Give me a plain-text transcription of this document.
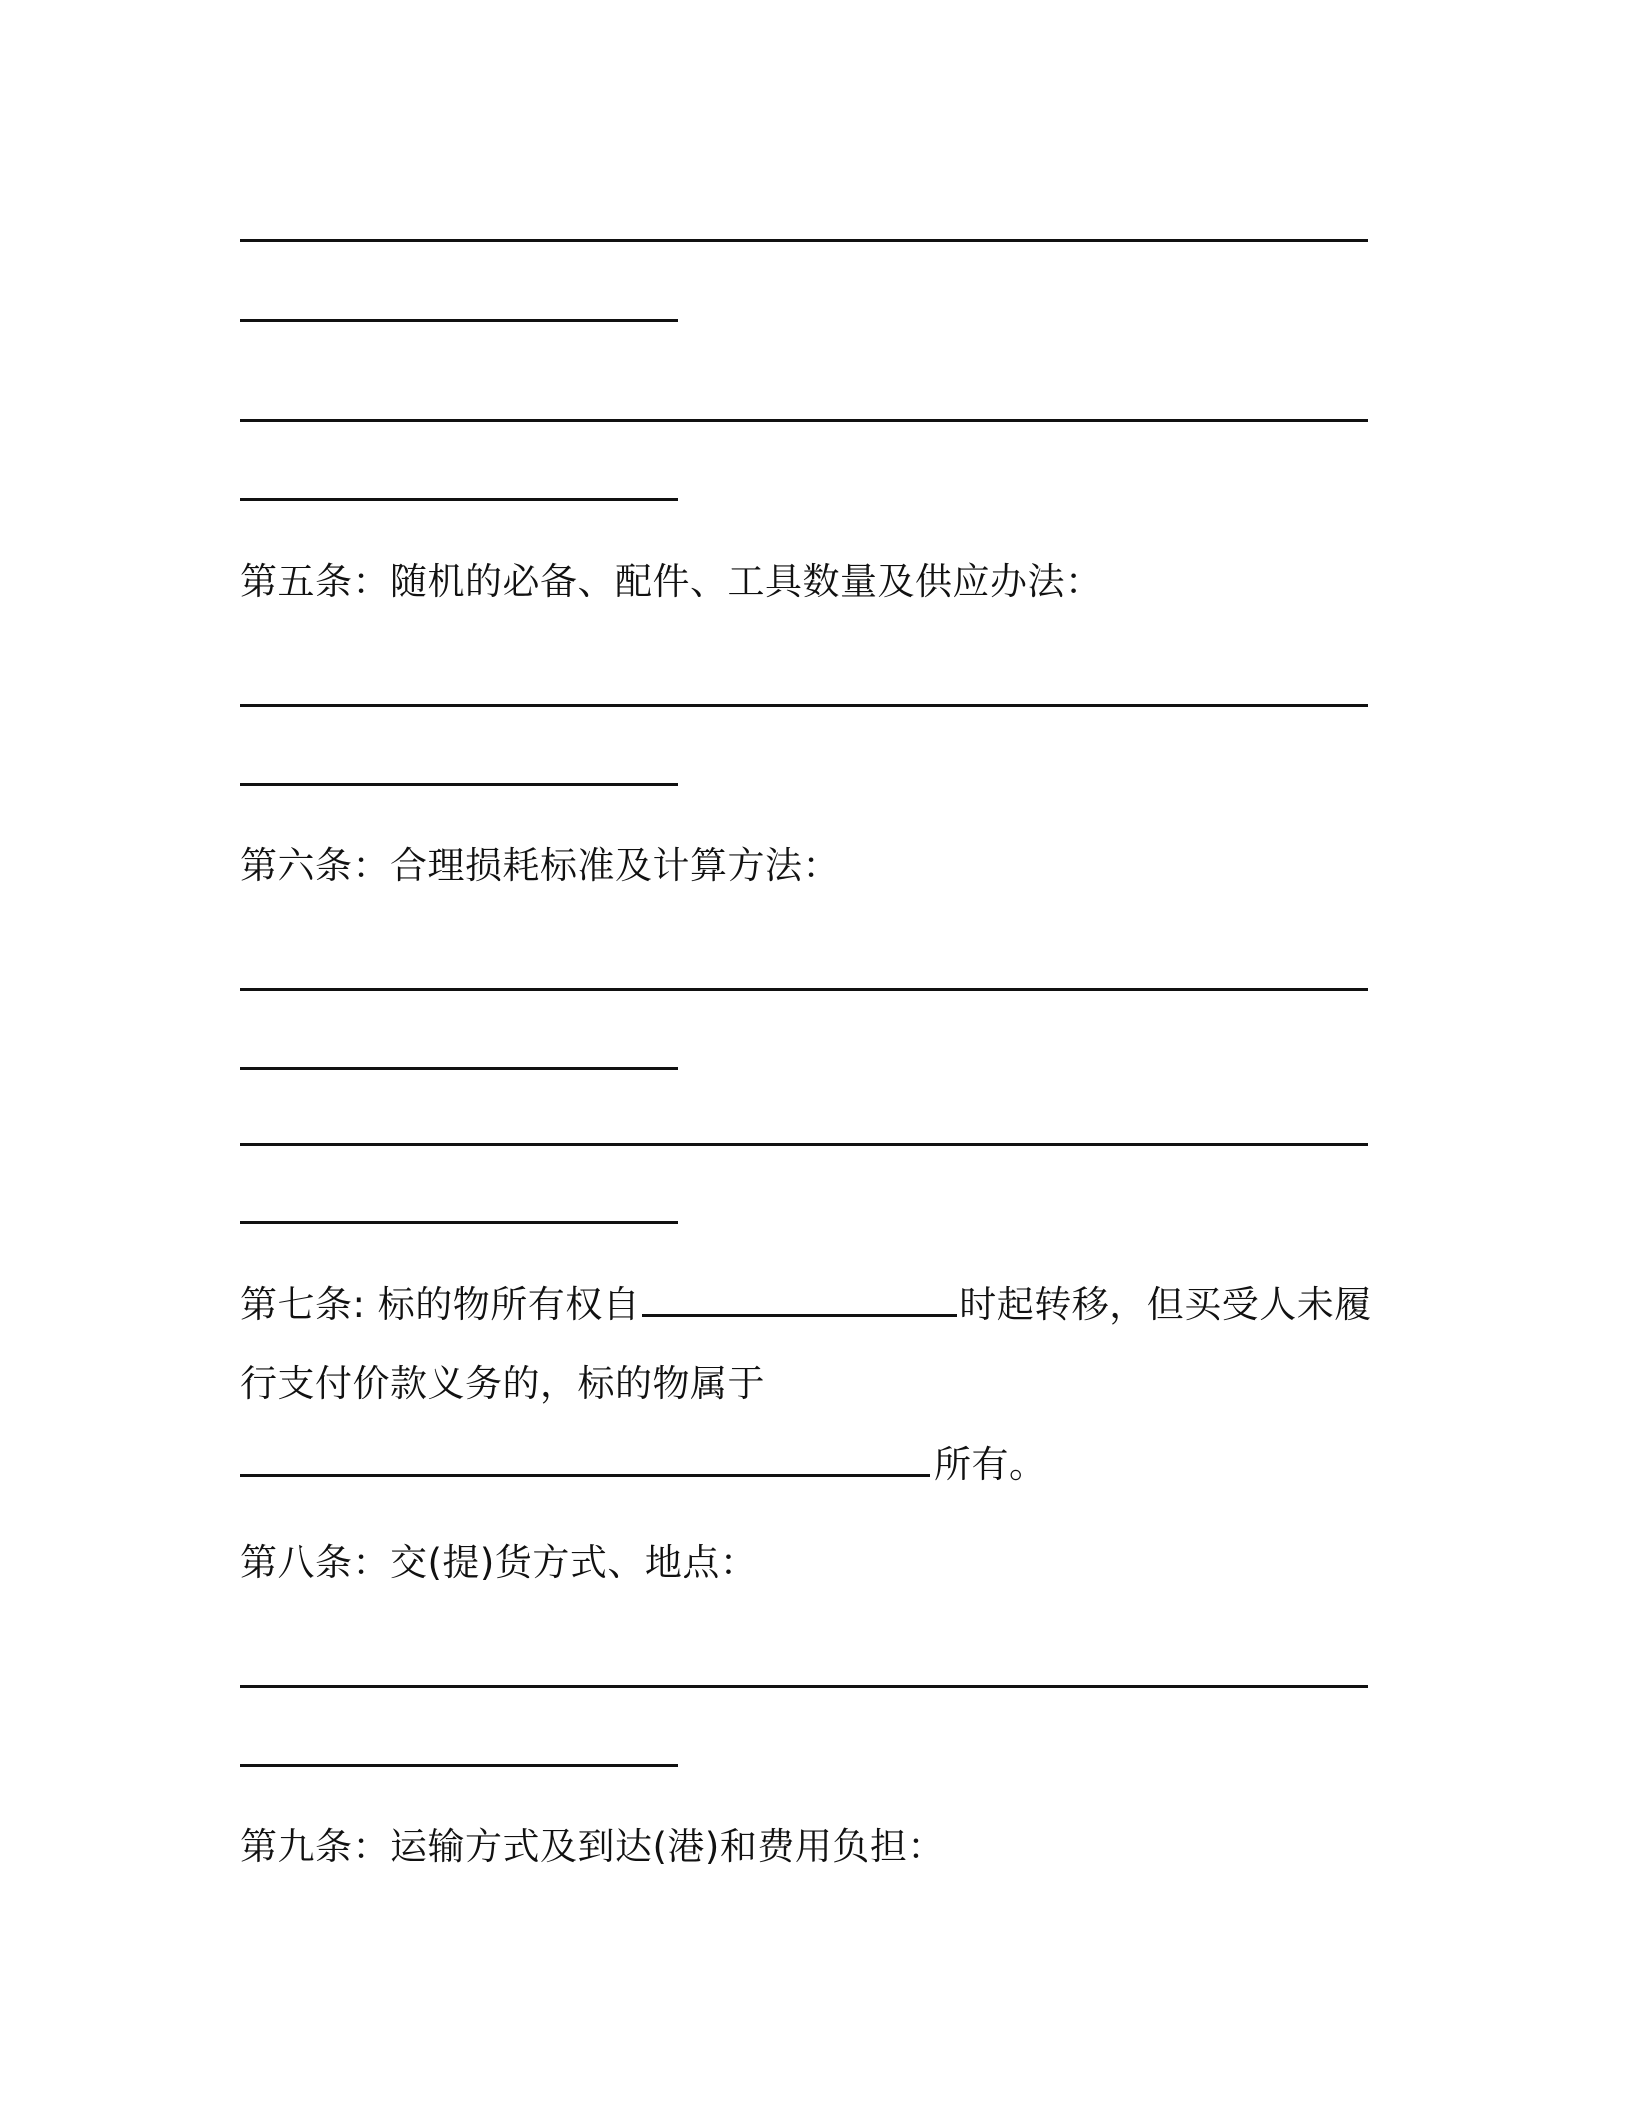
第五条：随机的必备、配件、工具数量及供应办法：
第六条：合理损耗标准及计算方法：
第七条: 标的物所有权自	时起转移，但买受人未履
行支付价款义务的，标的物属于
所有。
第八条：交(提)货方式、地点：
第九条：运输方式及到达(港)和费用负担：
